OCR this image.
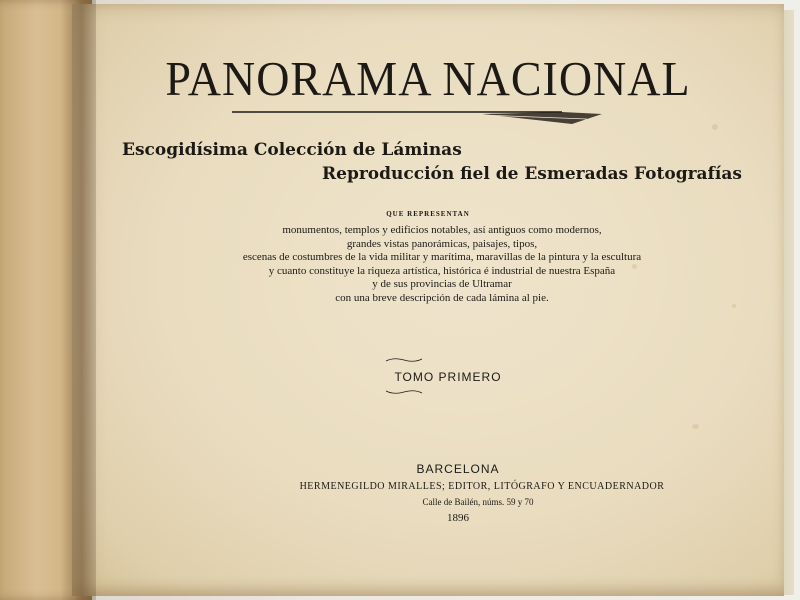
PANORAMA NACIONAL
Escogidísima Colección de Láminas
Reproducción fiel de Esmeradas Fotografías
QUE REPRESENTAN
monumentos, templos y edificios notables, así antiguos como modernos,
grandes vistas panorámicas, paisajes, tipos,
escenas de costumbres de la vida militar y marítima, maravillas de la pintura y la escultura
y cuanto constituye la riqueza artística, histórica é industrial de nuestra España
y de sus provincias de Ultramar
con una breve descripción de cada lámina al pie.
TOMO PRIMERO
BARCELONA
HERMENEGILDO MIRALLES; EDITOR, LITÓGRAFO Y ENCUADERNADOR
Calle de Bailén, núms. 59 y 70
1896
